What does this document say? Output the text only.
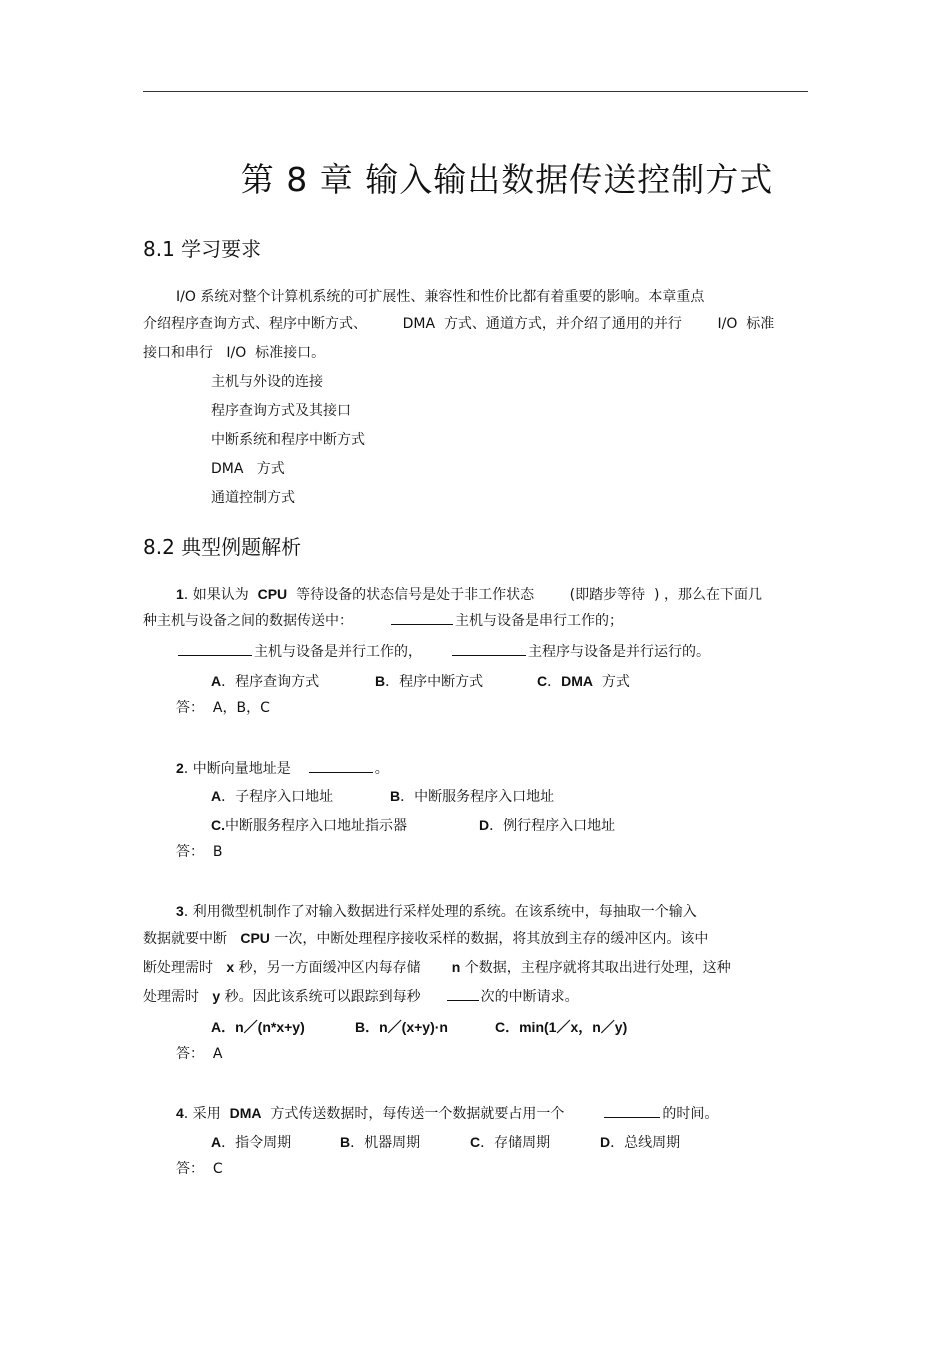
第 8 章 输入输出数据传送控制方式
8.1 学习要求
I/O 系统对整个计算机系统的可扩展性、兼容性和性价比都有着重要的影响。本章重点
介绍程序查询方式、程序中断方式、        DMA  方式、通道方式，并介绍了通用的并行        I/O  标准
接口和串行   I/O  标准接口。
主机与外设的连接
程序查询方式及其接口
中断系统和程序中断方式
DMA   方式
通道控制方式
8.2 典型例题解析
1. 如果认为  CPU  等待设备的状态信号是处于非工作状态        (即踏步等待  ) ，那么在下面几
种主机与设备之间的数据传送中：	主机与设备是串行工作的；
主机与设备是并行工作的，	主程序与设备是并行运行的。
A．程序查询方式	B．程序中断方式	C．DMA  方式
答：  A，B，C
2. 中断向量地址是	。
A．子程序入口地址	B．中断服务程序入口地址
C.中断服务程序入口地址指示器	D．例行程序入口地址
答：  B
3. 利用微型机制作了对输入数据进行采样处理的系统。在该系统中，每抽取一个输入
数据就要中断   CPU 一次，中断处理程序接收采样的数据，将其放到主存的缓冲区内。该中
断处理需时   x 秒，另一方面缓冲区内每存储       n 个数据，主程序就将其取出进行处理，这种
处理需时   y 秒。因此该系统可以跟踪到每秒	次的中断请求。
A．n／(n*x+y)	B．n／(x+y)·n	C．min(1／x，n／y)
答：  A
4. 采用  DMA  方式传送数据时，每传送一个数据就要占用一个	的时间。
A．指令周期	B．机器周期	C．存储周期	D．总线周期
答：  C
